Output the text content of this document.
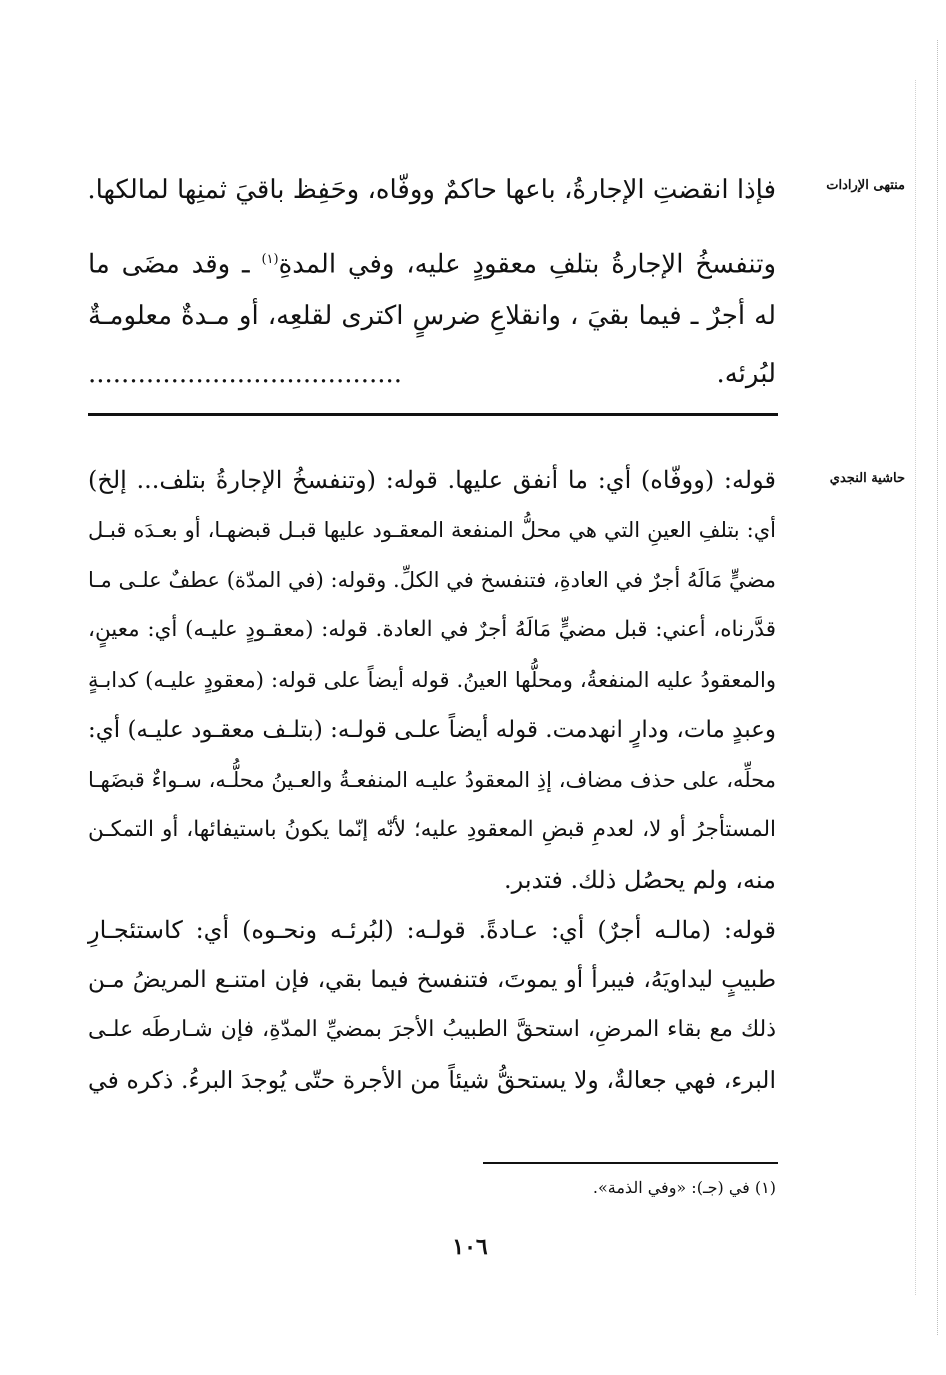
منتهى الإرادات
حاشية النجدي
فإذا انقضتِ الإجارةُ، باعها حاكمٌ ووفّاه، وحَفِظ باقيَ ثمنِها لمالكها.
وتنفسخُ الإجارةُ بتلفِ معقودٍ عليه، وفي المدةِ$^{(١)}$ ـ وقد مضَى ما
له أجرٌ ـ فيما بقيَ ، وانقلاعِ ضرسٍ اكترى لقلعِه، أو مـدةٌ معلومـةٌ
لبُرئه. ......................................
قوله: (ووفّاه) أي: ما أنفق عليها. قوله: (وتنفسخُ الإجارةُ بتلف... إلخ)
أي: بتلفِ العينِ التي هي محلُّ المنفعة المعقـود عليها قبـل قبضهـا، أو بعـدَه قبـل
مضيٍّ مَالَهُ أجرٌ في العادةِ، فتنفسخ في الكلِّ. وقوله: (في المدّة) عطفٌ علـى مـا
قدَّرناه، أعني: قبل مضيٍّ مَالَهُ أجرٌ في العادة. قوله: (معقـودٍ عليـه) أي: معينٍ،
والمعقودُ عليه المنفعةُ، ومحلُّها العينُ. قوله أيضاً على قوله: (معقودٍ عليـه) كدابـةٍ
وعبدٍ مات، ودارٍ انهدمت. قوله أيضاً علـى قولـه: (بتلـف معقـود عليـه) أي:
محلِّه، على حذف مضاف، إذِ المعقودُ عليـه المنفعـةُ والعـينُ محلُّـه، سـواءٌ قبضَهـا
المستأجرُ أو لا، لعدمِ قبضِ المعقودِ عليه؛ لأنّه إنّما يكونُ باستيفائها، أو التمكـن
منه، ولم يحصُل ذلك. فتدبر.
قوله: (مالـه أجرٌ) أي: عـادةً. قولـه: (لبُرئـه ونحـوه) أي: كاستئجـارِ
طبيبٍ ليداويَهُ، فيبرأ أو يموتَ، فتنفسخ فيما بقي، فإن امتنـع المريضُ مـن
ذلك مع بقاء المرضِ، استحقَّ الطبيبُ الأجرَ بمضيِّ المدّةِ، فإن شـارطَه علـى
البرء، فهي جعالةٌ، ولا يستحقُّ شيئاً من الأجرة حتّى يُوجدَ البرءُ. ذكره في
(١) في (جـ): «وفي الذمة».
١٠٦
